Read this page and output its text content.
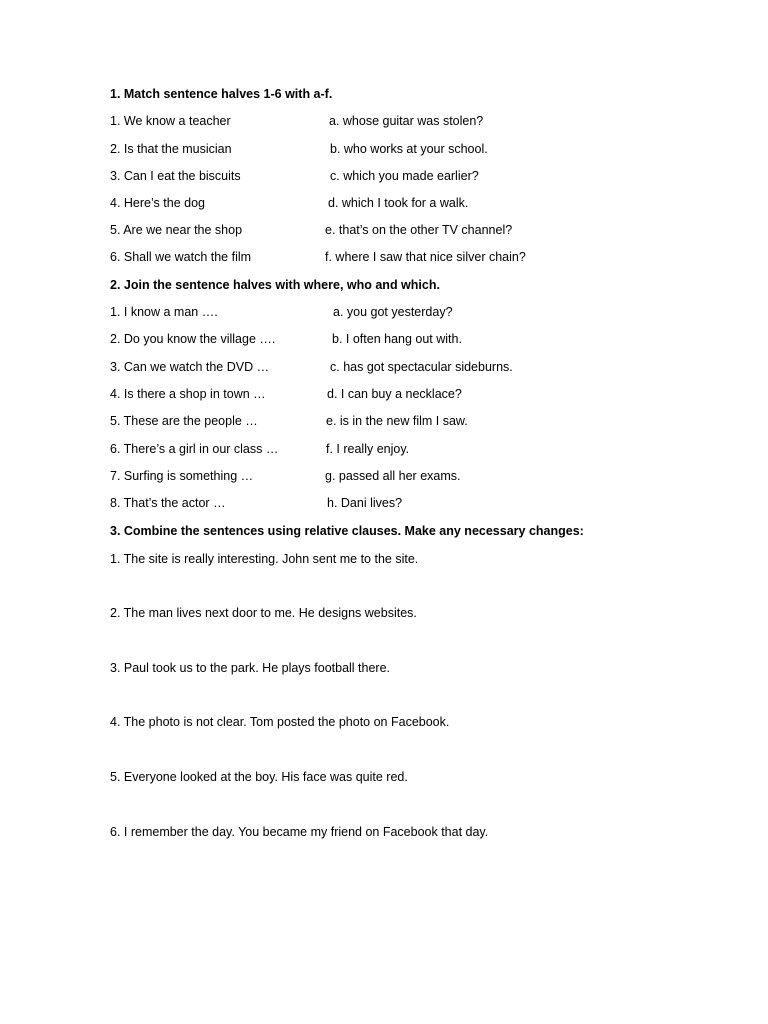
1. Match sentence halves 1-6 with a-f.
1. We know a teacher	a. whose guitar was stolen?
2. Is that the musician	b. who works at your school.
3. Can I eat the biscuits	c. which you made earlier?
4. Here’s the dog	d. which I took for a walk.
5. Are we near the shop	e. that’s on the other TV channel?
6. Shall we watch the film	f. where I saw that nice silver chain?
2. Join the sentence halves with where, who and which.
1. I know a man ….	a. you got yesterday?
2. Do you know the village ….	b. I often hang out with.
3. Can we watch the DVD …	c. has got spectacular sideburns.
4. Is there a shop in town …	d. I can buy a necklace?
5. These are the people …	e. is in the new film I saw.
6. There’s a girl in our class …	f. I really enjoy.
7. Surfing is something …	g. passed all her exams.
8. That’s the actor …	h. Dani lives?
3. Combine the sentences using relative clauses. Make any necessary changes:
1. The site is really interesting. John sent me to the site.
2. The man lives next door to me. He designs websites.
3. Paul took us to the park. He plays football there.
4. The photo is not clear. Tom posted the photo on Facebook.
5. Everyone looked at the boy. His face was quite red.
6. I remember the day. You became my friend on Facebook that day.
